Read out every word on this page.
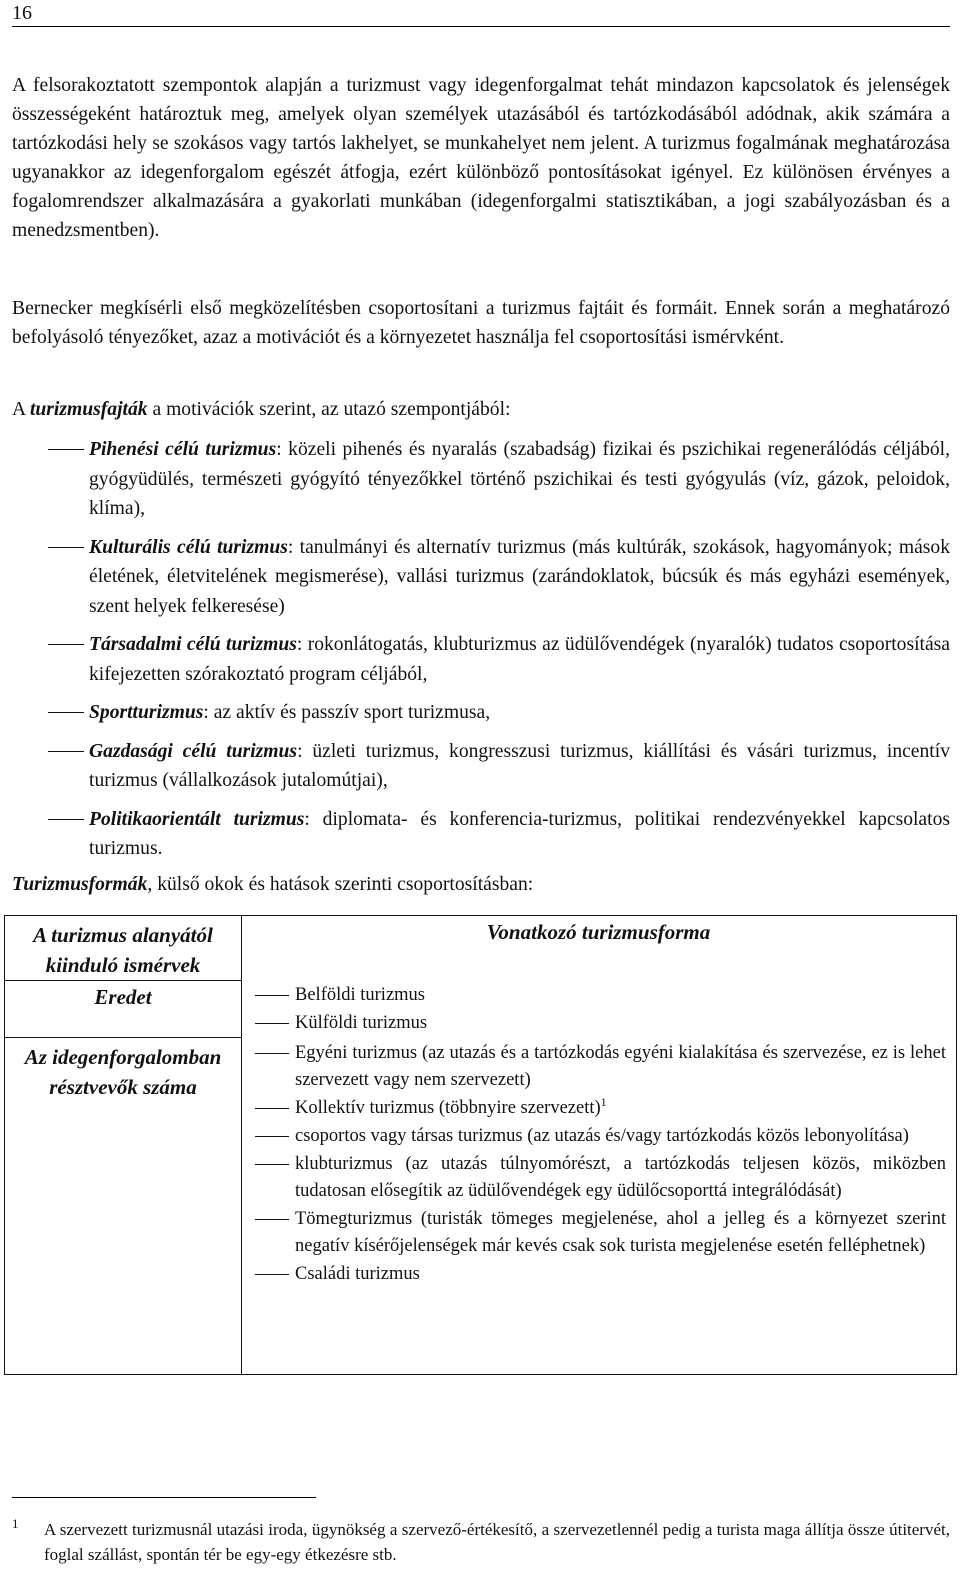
16

A felsorakoztatott szempontok alapján a turizmust vagy idegenforgalmat tehát mindazon kapcsolatok és jelenségek összességeként határoztuk meg, amelyek olyan személyek utazásából és tartózkodásából adódnak, akik számára a tartózkodási hely se szokásos vagy tartós lakhelyet, se munkahelyet nem jelent. A turizmus fogalmának meghatározása ugyanakkor az idegenforgalom egészét átfogja, ezért különböző pontosításokat igényel. Ez különösen érvényes a fogalomrendszer alkalmazására a gyakorlati munkában (idegenforgalmi statisztikában, a jogi szabályozásban és a menedzsmentben).

Bernecker megkísérli első megközelítésben csoportosítani a turizmus fajtáit és formáit. Ennek során a meghatározó befolyásoló tényezőket, azaz a motivációt és a környezetet használja fel csoportosítási ismérvként.

A turizmusfajták a motivációk szerint, az utazó szempontjából:

Pihenési célú turizmus: közeli pihenés és nyaralás (szabadság) fizikai és pszichikai regenerálódás céljából, gyógyüdülés, természeti gyógyító tényezőkkel történő pszichikai és testi gyógyulás (víz, gázok, peloidok, klíma),

Kulturális célú turizmus: tanulmányi és alternatív turizmus (más kultúrák, szokások, hagyományok; mások életének, életvitelének megismerése), vallási turizmus (zarándoklatok, búcsúk és más egyházi események, szent helyek felkeresése)

Társadalmi célú turizmus: rokonlátogatás, klubturizmus az üdülővendégek (nyaralók) tudatos csoportosítása kifejezetten szórakoztató program céljából,

Sportturizmus: az aktív és passzív sport turizmusa,

Gazdasági célú turizmus: üzleti turizmus, kongresszusi turizmus, kiállítási és vásári turizmus, incentív turizmus (vállalkozások jutalomútjai),

Politikaorientált turizmus: diplomata- és konferencia-turizmus, politikai rendezvényekkel kapcsolatos turizmus.

Turizmusformák, külső okok és hatások szerinti csoportosításban:
A turizmus alanyától kiinduló ismérvek
Vonatkozó turizmusforma
Eredet
Az idegenforgalomban résztvevők száma
Belföldi turizmus
Külföldi turizmus
Egyéni turizmus (az utazás és a tartózkodás egyéni kialakítása és szervezése, ez is lehet szervezett vagy nem szervezett)
Kollektív turizmus (többnyire szervezett)$^1$
csoportos vagy társas turizmus (az utazás és/vagy tartózkodás közös lebonyolítása)
klubturizmus (az utazás túlnyomórészt, a tartózkodás teljesen közös, miközben tudatosan elősegítik az üdülővendégek egy üdülőcsoporttá integrálódását)
Tömegturizmus (turisták tömeges megjelenése, ahol a jelleg és a környezet szerint negatív kísérőjelenségek már kevés csak sok turista megjelenése esetén felléphetnek)
Családi turizmus
1 A szervezett turizmusnál utazási iroda, ügynökség a szervező-értékesítő, a szervezetlennél pedig a turista maga állítja össze útitervét, foglal szállást, spontán tér be egy-egy étkezésre stb.
